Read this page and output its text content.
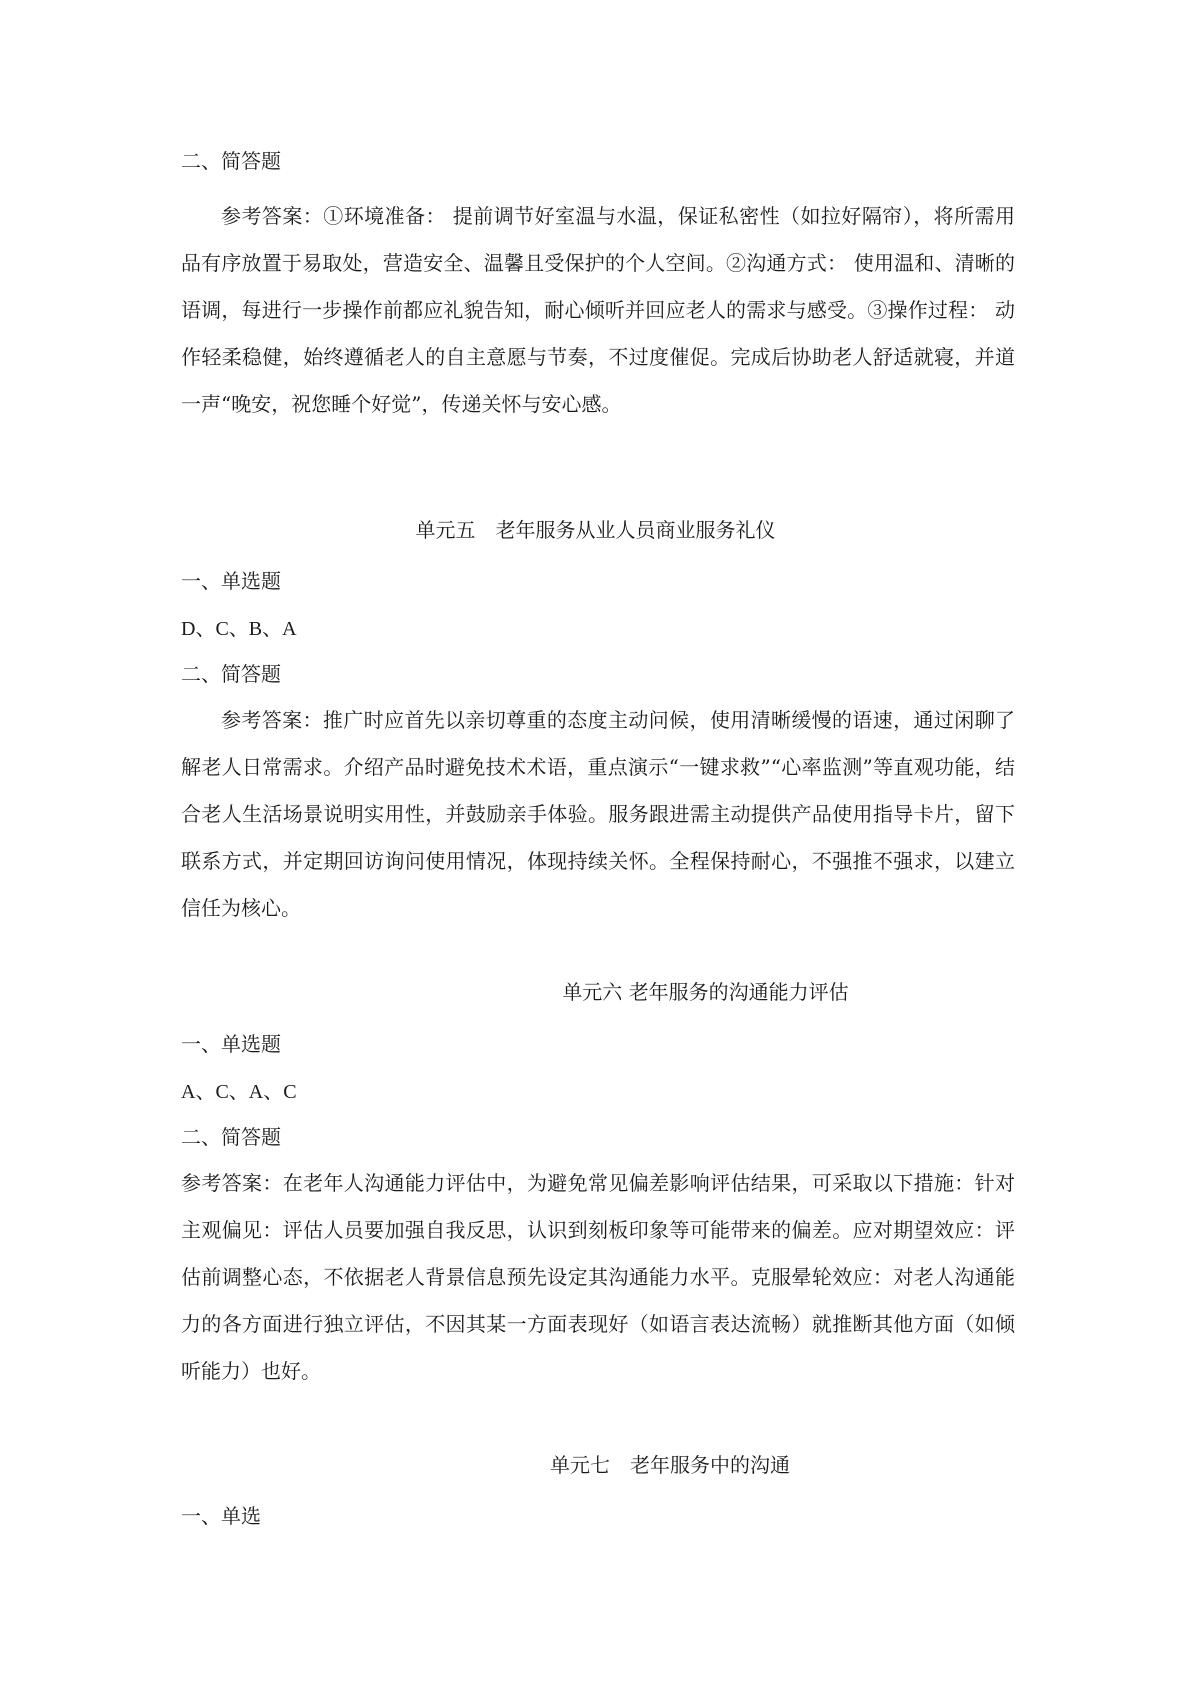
二、简答题

参考答案：①环境准备： 提前调节好室温与水温，保证私密性（如拉好隔帘），将所需用品有序放置于易取处，营造安全、温馨且受保护的个人空间。②沟通方式： 使用温和、清晰的语调，每进行一步操作前都应礼貌告知，耐心倾听并回应老人的需求与感受。③操作过程： 动作轻柔稳健，始终遵循老人的自主意愿与节奏，不过度催促。完成后协助老人舒适就寝，并道一声“晚安，祝您睡个好觉”，传递关怀与安心感。

单元五　老年服务从业人员商业服务礼仪

一、单选题

D、C、B、A

二、简答题

参考答案：推广时应首先以亲切尊重的态度主动问候，使用清晰缓慢的语速，通过闲聊了解老人日常需求。介绍产品时避免技术术语，重点演示“一键求救”“心率监测”等直观功能，结合老人生活场景说明实用性，并鼓励亲手体验。服务跟进需主动提供产品使用指导卡片，留下联系方式，并定期回访询问使用情况，体现持续关怀。全程保持耐心，不强推不强求，以建立信任为核心。

单元六 老年服务的沟通能力评估

一、单选题

A、C、A、C

二、简答题

参考答案：在老年人沟通能力评估中，为避免常见偏差影响评估结果，可采取以下措施：针对主观偏见：评估人员要加强自我反思，认识到刻板印象等可能带来的偏差。应对期望效应：评估前调整心态，不依据老人背景信息预先设定其沟通能力水平。克服晕轮效应：对老人沟通能力的各方面进行独立评估，不因其某一方面表现好（如语言表达流畅）就推断其他方面（如倾听能力）也好。

单元七　老年服务中的沟通

一、单选
